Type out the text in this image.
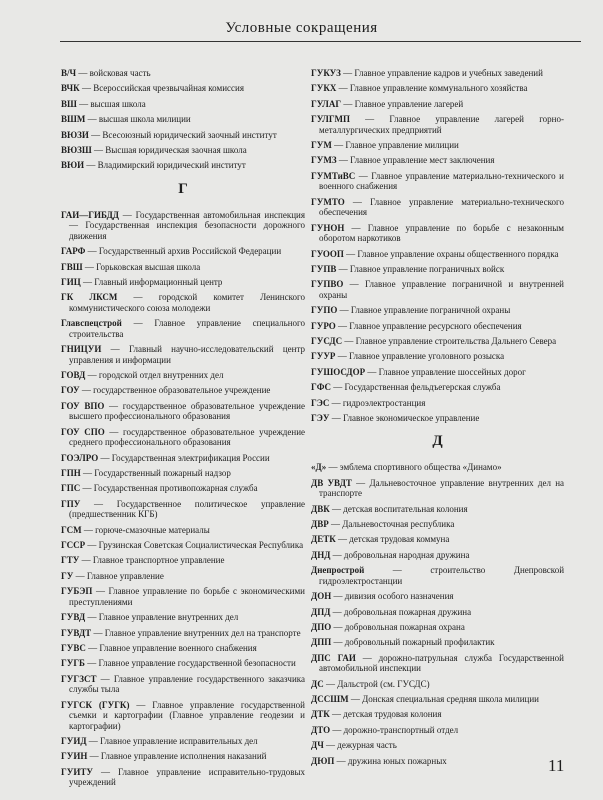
Условные сокращения

В/Ч — войсковая часть

ВЧК — Всероссийская чрезвычайная комиссия

ВШ — высшая школа

ВШМ — высшая школа милиции

ВЮЗИ — Всесоюзный юридический заочный институт

ВЮЗШ — Высшая юридическая заочная школа

ВЮИ — Владимирский юридический институт

Г

ГАИ—ГИБДД — Государственная автомобильная инспекция — Государственная инспекция безопасности дорожного движения

ГАРФ — Государственный архив Российской Федерации

ГВШ — Горьковская высшая школа

ГИЦ — Главный информационный центр

ГК ЛКСМ — городской комитет Ленинского коммунистического союза молодежи

Главспецстрой — Главное управление специального строительства

ГНИЦУИ — Главный научно-исследовательский центр управления и информации

ГОВД — городской отдел внутренних дел

ГОУ — государственное образовательное учреждение

ГОУ ВПО — государственное образовательное учреждение высшего профессионального образования

ГОУ СПО — государственное образовательное учреждение среднего профессионального образования

ГОЭЛРО — Государственная электрификация России

ГПН — Государственный пожарный надзор

ГПС — Государственная противопожарная служба

ГПУ — Государственное политическое управление (предшественник КГБ)

ГСМ — горюче-смазочные материалы

ГССР — Грузинская Советская Социалистическая Республика

ГТУ — Главное транспортное управление

ГУ — Главное управление

ГУБЭП — Главное управление по борьбе с экономическими преступлениями

ГУВД — Главное управление внутренних дел

ГУВДТ — Главное управление внутренних дел на транспорте

ГУВС — Главное управление военного снабжения

ГУГБ — Главное управление государственной безопасности

ГУГЗСТ — Главное управление государственного заказчика службы тыла

ГУГСК (ГУГК) — Главное управление государственной съемки и картографии (Главное управление геодезии и картографии)

ГУИД — Главное управление исправительных дел

ГУИН — Главное управление исполнения наказаний

ГУИТУ — Главное управление исправительно-трудовых учреждений

ГУКУЗ — Главное управление кадров и учебных заведений

ГУКХ — Главное управление коммунального хозяйства

ГУЛАГ — Главное управление лагерей

ГУЛГМП — Главное управление лагерей горно-металлургических предприятий

ГУМ — Главное управление милиции

ГУМЗ — Главное управление мест заключения

ГУМТиВС — Главное управление материально-технического и военного снабжения

ГУМТО — Главное управление материально-технического обеспечения

ГУНОН — Главное управление по борьбе с незаконным оборотом наркотиков

ГУООП — Главное управление охраны общественного порядка

ГУПВ — Главное управление пограничных войск

ГУПВО — Главное управление пограничной и внутренней охраны

ГУПО — Главное управление пограничной охраны

ГУРО — Главное управление ресурсного обеспечения

ГУСДС — Главное управление строительства Дальнего Севера

ГУУР — Главное управление уголовного розыска

ГУШОСДОР — Главное управление шоссейных дорог

ГФС — Государственная фельдъегерская служба

ГЭС — гидроэлектростанция

ГЭУ — Главное экономическое управление

Д

«Д» — эмблема спортивного общества «Динамо»

ДВ УВДТ — Дальневосточное управление внутренних дел на транспорте

ДВК — детская воспитательная колония

ДВР — Дальневосточная республика

ДЕТК — детская трудовая коммуна

ДНД — добровольная народная дружина

Днепрострой — строительство Днепровской гидроэлектростанции

ДОН — дивизия особого назначения

ДПД — добровольная пожарная дружина

ДПО — добровольная пожарная охрана

ДПП — добровольный пожарный профилактик

ДПС ГАИ — дорожно-патрульная служба Государственной автомобильной инспекции

ДС — Дальстрой (см. ГУСДС)

ДССШМ — Донская специальная средняя школа милиции

ДТК — детская трудовая колония

ДТО — дорожно-транспортный отдел

ДЧ — дежурная часть

ДЮП — дружина юных пожарных	11
